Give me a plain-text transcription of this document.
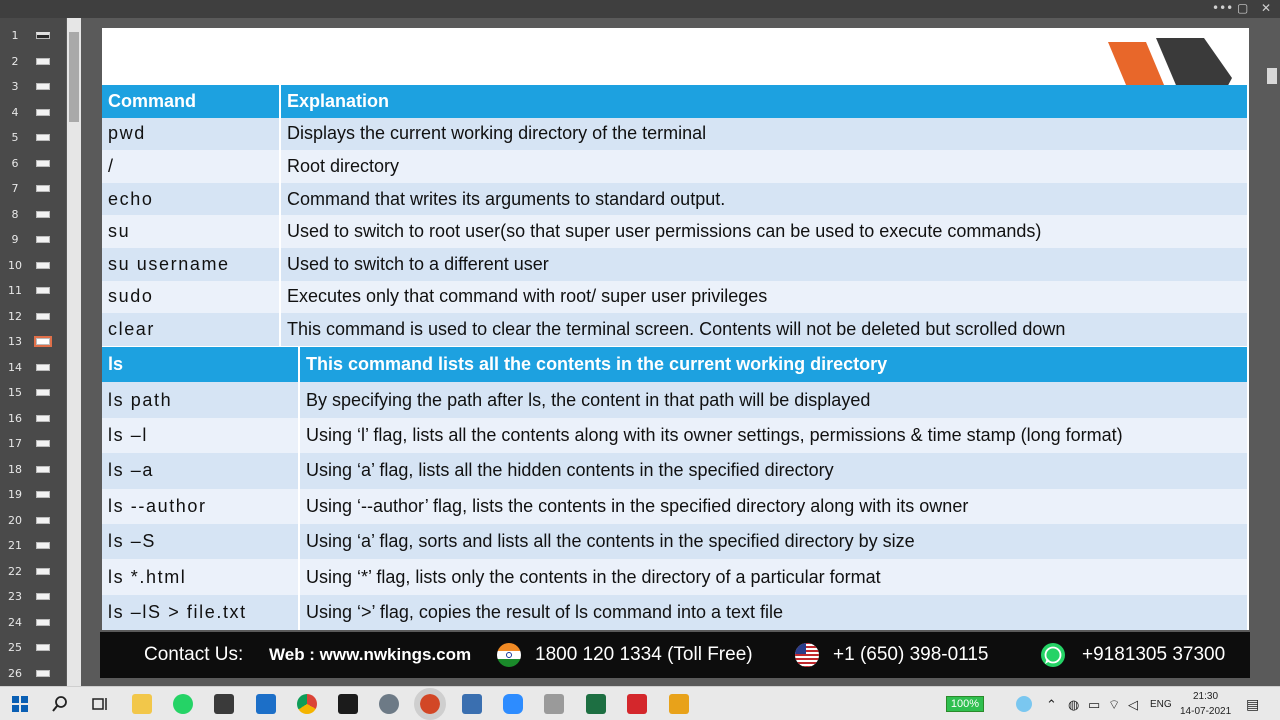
••• ▢ ✕
1
2
3
4
5
6
7
8
9
10
11
12
13
14
15
16
17
18
19
20
21
22
23
24
25
26
Command	Explanation
pwd	Displays the current working directory of the terminal
/	Root directory
echo	Command that writes its arguments to standard output.
su	Used to switch to root user(so that super user permissions can be used to execute commands)
su username	Used to switch to a different user
sudo	Executes only that command with root/ super user privileges
clear	This command is used to clear the terminal screen. Contents will not be deleted but scrolled down
ls	This command lists all the contents in the current working directory
ls path	By specifying the path after ls, the content in that path will be displayed
ls –l	Using ‘l’ flag, lists all the contents along with its owner settings, permissions & time stamp (long format)
ls –a	Using ‘a’ flag, lists all the hidden contents in the specified directory
ls --author	Using ‘--author’ flag, lists the contents in the specified directory along with its owner
ls –S	Using ‘a’ flag, sorts and lists all the contents in the specified directory by size
ls *.html	Using ‘*’ flag, lists only the contents in the directory of a particular format
ls –lS > file.txt	Using ‘>’ flag, copies the result of ls command into a text file
Contact Us: Web : www.nwkings.com	1800 120 1334 (Toll Free)	+1 (650) 398-0115	+9181305 37300
100%	⌃ ◍ ▭ ⌔ ◁ ENG
21:30
14-07-2021 ▤
